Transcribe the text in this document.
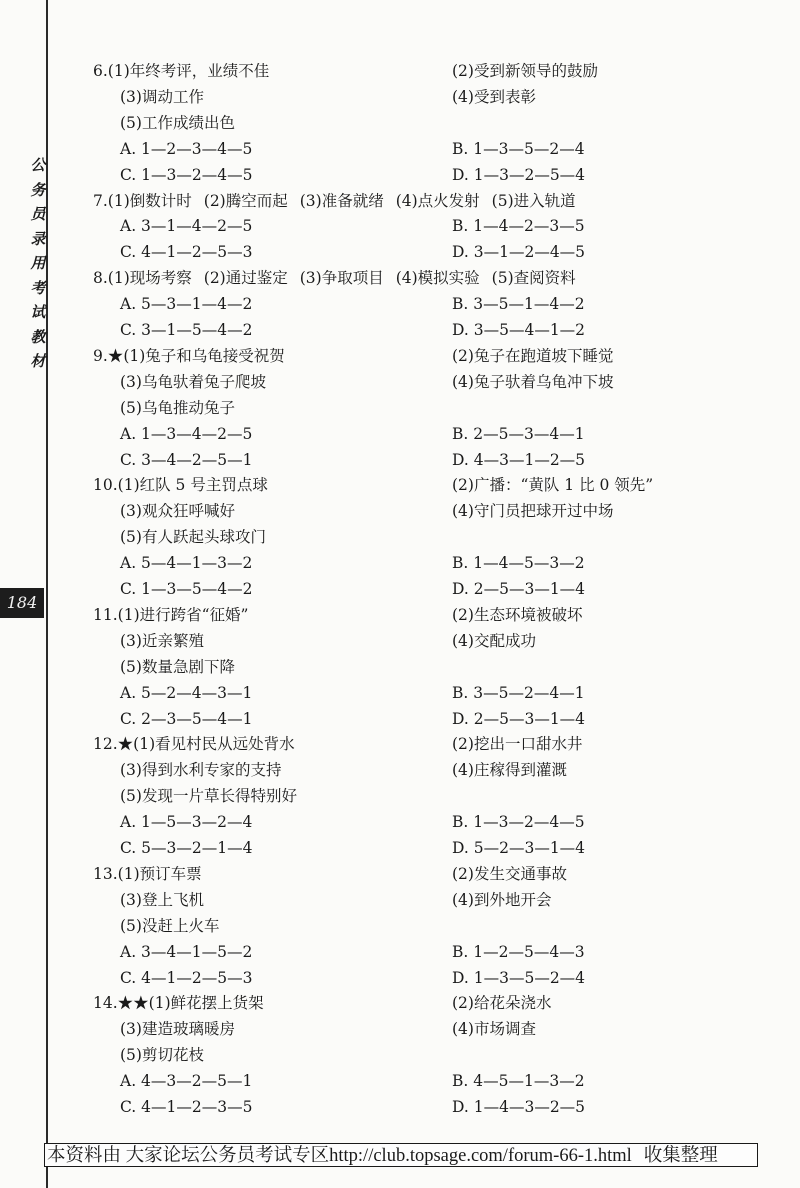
公
务
员
录
用
考
试
教
材
184
6.(1)年终考评，业绩不佳	(2)受到新领导的鼓励
(3)调动工作	(4)受到表彰
(5)工作成绩出色
A. 1—2—3—4—5	B. 1—3—5—2—4
C. 1—3—2—4—5	D. 1—3—2—5—4
7.(1)倒数计时 (2)腾空而起 (3)准备就绪 (4)点火发射 (5)进入轨道
A. 3—1—4—2—5	B. 1—4—2—3—5
C. 4—1—2—5—3	D. 3—1—2—4—5
8.(1)现场考察 (2)通过鉴定 (3)争取项目 (4)模拟实验 (5)查阅资料
A. 5—3—1—4—2	B. 3—5—1—4—2
C. 3—1—5—4—2	D. 3—5—4—1—2
9.★(1)兔子和乌龟接受祝贺	(2)兔子在跑道坡下睡觉
(3)乌龟驮着兔子爬坡	(4)兔子驮着乌龟冲下坡
(5)乌龟推动兔子
A. 1—3—4—2—5	B. 2—5—3—4—1
C. 3—4—2—5—1	D. 4—3—1—2—5
10.(1)红队 5 号主罚点球	(2)广播：“黄队 1 比 0 领先”
(3)观众狂呼喊好	(4)守门员把球开过中场
(5)有人跃起头球攻门
A. 5—4—1—3—2	B. 1—4—5—3—2
C. 1—3—5—4—2	D. 2—5—3—1—4
11.(1)进行跨省“征婚”	(2)生态环境被破坏
(3)近亲繁殖	(4)交配成功
(5)数量急剧下降
A. 5—2—4—3—1	B. 3—5—2—4—1
C. 2—3—5—4—1	D. 2—5—3—1—4
12.★(1)看见村民从远处背水	(2)挖出一口甜水井
(3)得到水利专家的支持	(4)庄稼得到灌溉
(5)发现一片草长得特别好
A. 1—5—3—2—4	B. 1—3—2—4—5
C. 5—3—2—1—4	D. 5—2—3—1—4
13.(1)预订车票	(2)发生交通事故
(3)登上飞机	(4)到外地开会
(5)没赶上火车
A. 3—4—1—5—2	B. 1—2—5—4—3
C. 4—1—2—5—3	D. 1—3—5—2—4
14.★★(1)鲜花摆上货架	(2)给花朵浇水
(3)建造玻璃暖房	(4)市场调查
(5)剪切花枝
A. 4—3—2—5—1	B. 4—5—1—3—2
C. 4—1—2—3—5	D. 1—4—3—2—5
本资料由 大家论坛公务员考试专区http://club.topsage.com/forum-66-1.html 收集整理
